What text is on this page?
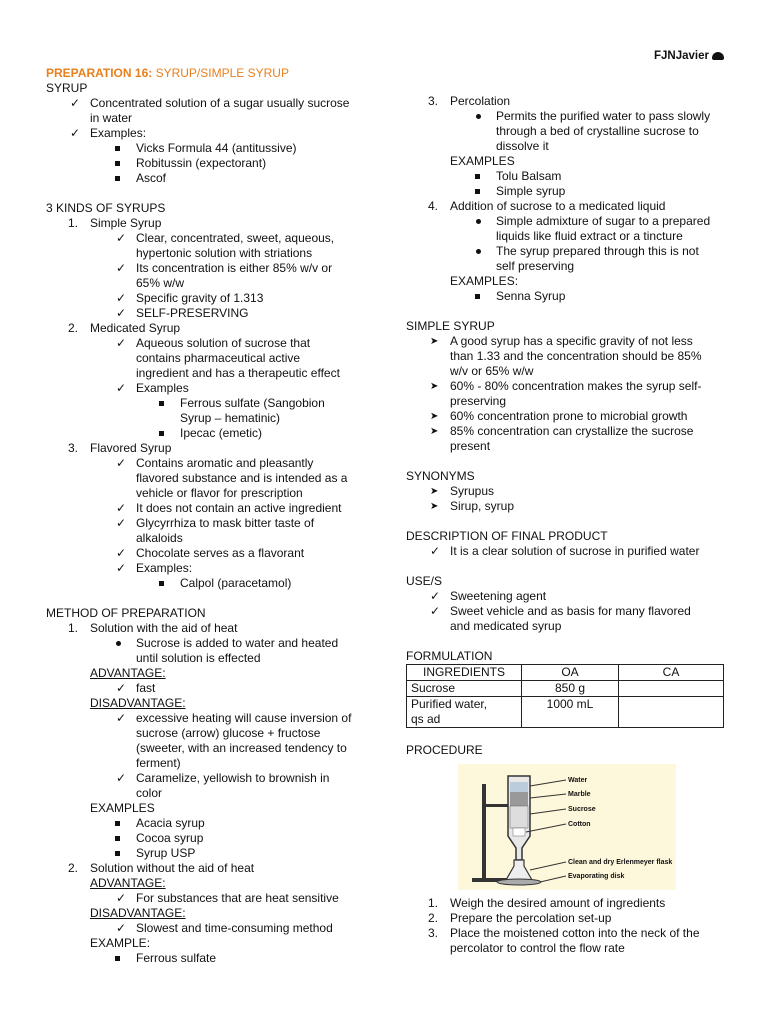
FJNJavier
PREPARATION 16: SYRUP/SIMPLE SYRUP
SYRUP
✓ Concentrated solution of a sugar usually sucrose
in water
✓ Examples:
Vicks Formula 44 (antitussive)
Robitussin (expectorant)
Ascof
3 KINDS OF SYRUPS
1. Simple Syrup
✓ Clear, concentrated, sweet, aqueous,
hypertonic solution with striations
✓ Its concentration is either 85% w/v or
65% w/w
✓ Specific gravity of 1.313
✓ SELF-PRESERVING
2. Medicated Syrup
✓ Aqueous solution of sucrose that
contains pharmaceutical active
ingredient and has a therapeutic effect
✓ Examples
Ferrous sulfate (Sangobion
Syrup – hematinic)
Ipecac (emetic)
3. Flavored Syrup
✓ Contains aromatic and pleasantly
flavored substance and is intended as a
vehicle or flavor for prescription
✓ It does not contain an active ingredient
✓ Glycyrrhiza to mask bitter taste of
alkaloids
✓ Chocolate serves as a flavorant
✓ Examples:
Calpol (paracetamol)
METHOD OF PREPARATION
1. Solution with the aid of heat
Sucrose is added to water and heated
until solution is effected
ADVANTAGE:
✓ fast
DISADVANTAGE:
✓ excessive heating will cause inversion of
sucrose (arrow) glucose + fructose
(sweeter, with an increased tendency to
ferment)
✓ Caramelize, yellowish to brownish in
color
EXAMPLES
Acacia syrup
Cocoa syrup
Syrup USP
2. Solution without the aid of heat
ADVANTAGE:
✓ For substances that are heat sensitive
DISADVANTAGE:
✓ Slowest and time-consuming method
EXAMPLE:
Ferrous sulfate
3. Percolation
Permits the purified water to pass slowly
through a bed of crystalline sucrose to
dissolve it
EXAMPLES
Tolu Balsam
Simple syrup
4. Addition of sucrose to a medicated liquid
Simple admixture of sugar to a prepared
liquids like fluid extract or a tincture
The syrup prepared through this is not
self preserving
EXAMPLES:
Senna Syrup
SIMPLE SYRUP
➤ A good syrup has a specific gravity of not less
than 1.33 and the concentration should be 85%
w/v or 65% w/w
➤ 60% - 80% concentration makes the syrup self-
preserving
➤ 60% concentration prone to microbial growth
➤ 85% concentration can crystallize the sucrose
present
SYNONYMS
➤ Syrupus
➤ Sirup, syrup
DESCRIPTION OF FINAL PRODUCT
✓ It is a clear solution of sucrose in purified water
USE/S
✓ Sweetening agent
✓ Sweet vehicle and as basis for many flavored
and medicated syrup
FORMULATION
INGREDIENTS	OA	CA
Sucrose	850 g	
Purified water,
qs ad	1000 mL	
PROCEDURE
Water
Marble
Sucrose
Cotton
Clean and dry Erlenmeyer flask
Evaporating disk
1. Weigh the desired amount of ingredients
2. Prepare the percolation set-up
3. Place the moistened cotton into the neck of the
percolator to control the flow rate
